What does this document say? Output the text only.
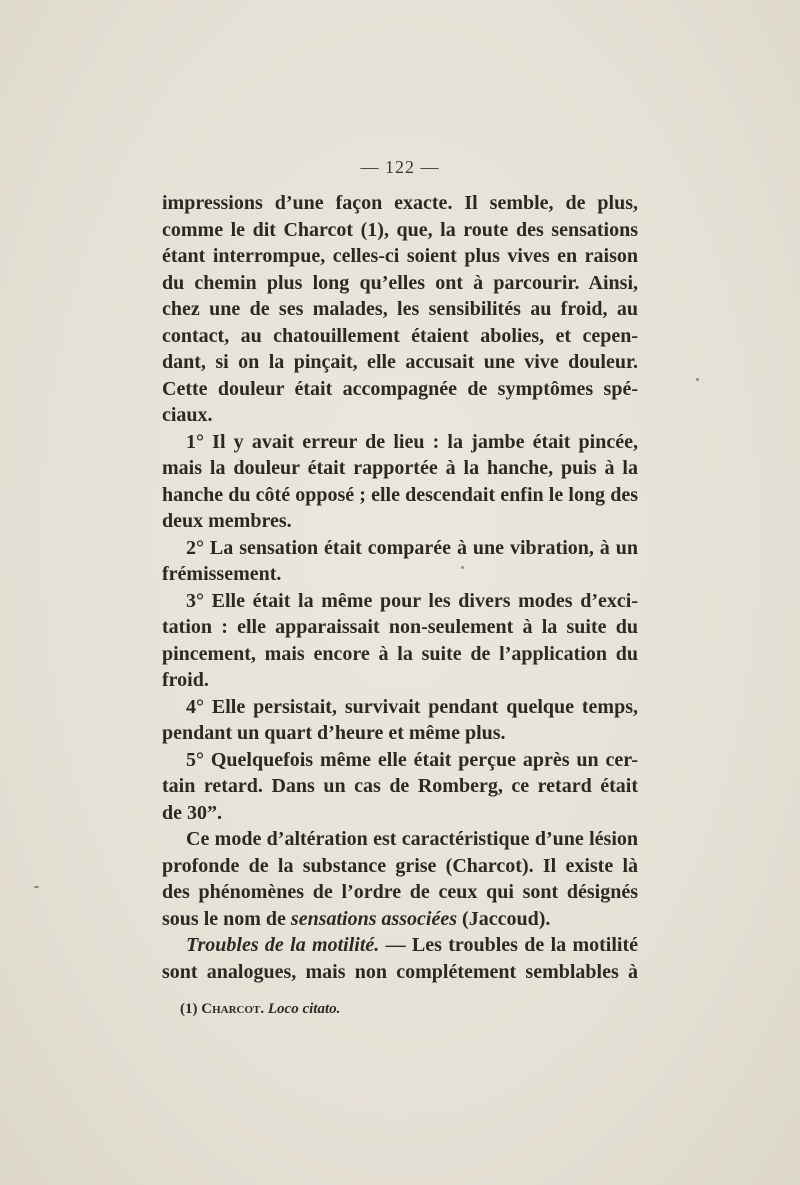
— 122 —
impressions d’une façon exacte. Il semble, de plus,
comme le dit Charcot (1), que, la route des sensations
étant interrompue, celles-ci soient plus vives en raison
du chemin plus long qu’elles ont à parcourir. Ainsi,
chez une de ses malades, les sensibilités au froid, au
contact, au chatouillement étaient abolies, et cepen-
dant, si on la pinçait, elle accusait une vive douleur.
Cette douleur était accompagnée de symptômes spé-
ciaux.
1° Il y avait erreur de lieu : la jambe était pincée,
mais la douleur était rapportée à la hanche, puis à la
hanche du côté opposé ; elle descendait enfin le long des
deux membres.
2° La sensation était comparée à une vibration, à un
frémissement.
3° Elle était la même pour les divers modes d’exci-
tation : elle apparaissait non-seulement à la suite du
pincement, mais encore à la suite de l’application du
froid.
4° Elle persistait, survivait pendant quelque temps,
pendant un quart d’heure et même plus.
5° Quelquefois même elle était perçue après un cer-
tain retard. Dans un cas de Romberg, ce retard était
de 30”.
Ce mode d’altération est caractéristique d’une lésion
profonde de la substance grise (Charcot). Il existe là
des phénomènes de l’ordre de ceux qui sont désignés
sous le nom de sensations associées (Jaccoud).
Troubles de la motilité. — Les troubles de la motilité
sont analogues, mais non complétement semblables à
(1) Charcot. Loco citato.
